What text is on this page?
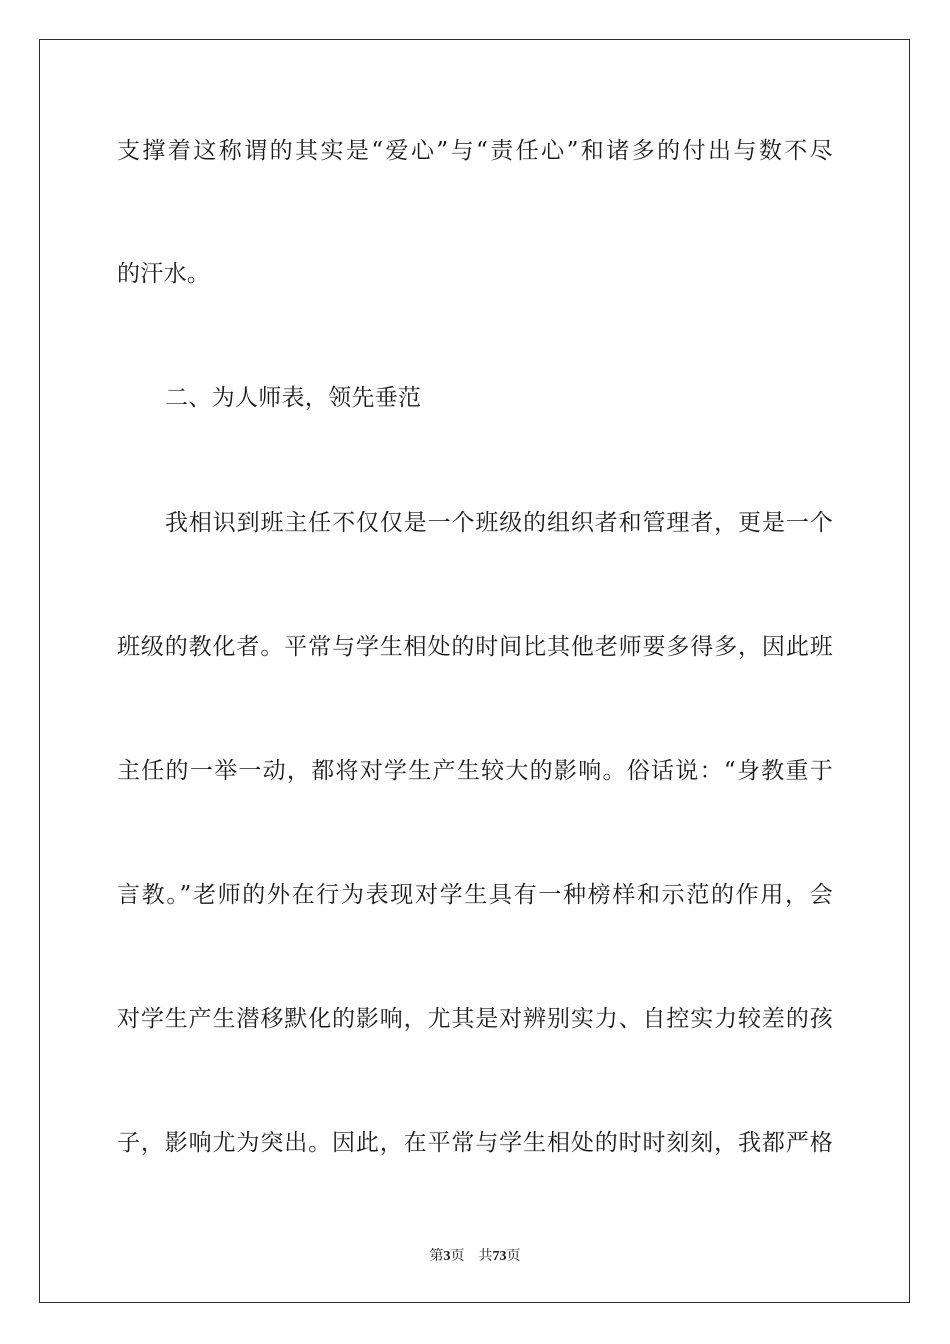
支撑着这称谓的其实是“爱心”与“责任心”和诸多的付出与数不尽
的汗水。
二、为人师表，领先垂范
我相识到班主任不仅仅是一个班级的组织者和管理者，更是一个
班级的教化者。平常与学生相处的时间比其他老师要多得多，因此班
主任的一举一动，都将对学生产生较大的影响。俗话说：“身教重于
言教。”老师的外在行为表现对学生具有一种榜样和示范的作用，会
对学生产生潜移默化的影响，尤其是对辨别实力、自控实力较差的孩
子，影响尤为突出。因此，在平常与学生相处的时时刻刻，我都严格
第3页 共73页
